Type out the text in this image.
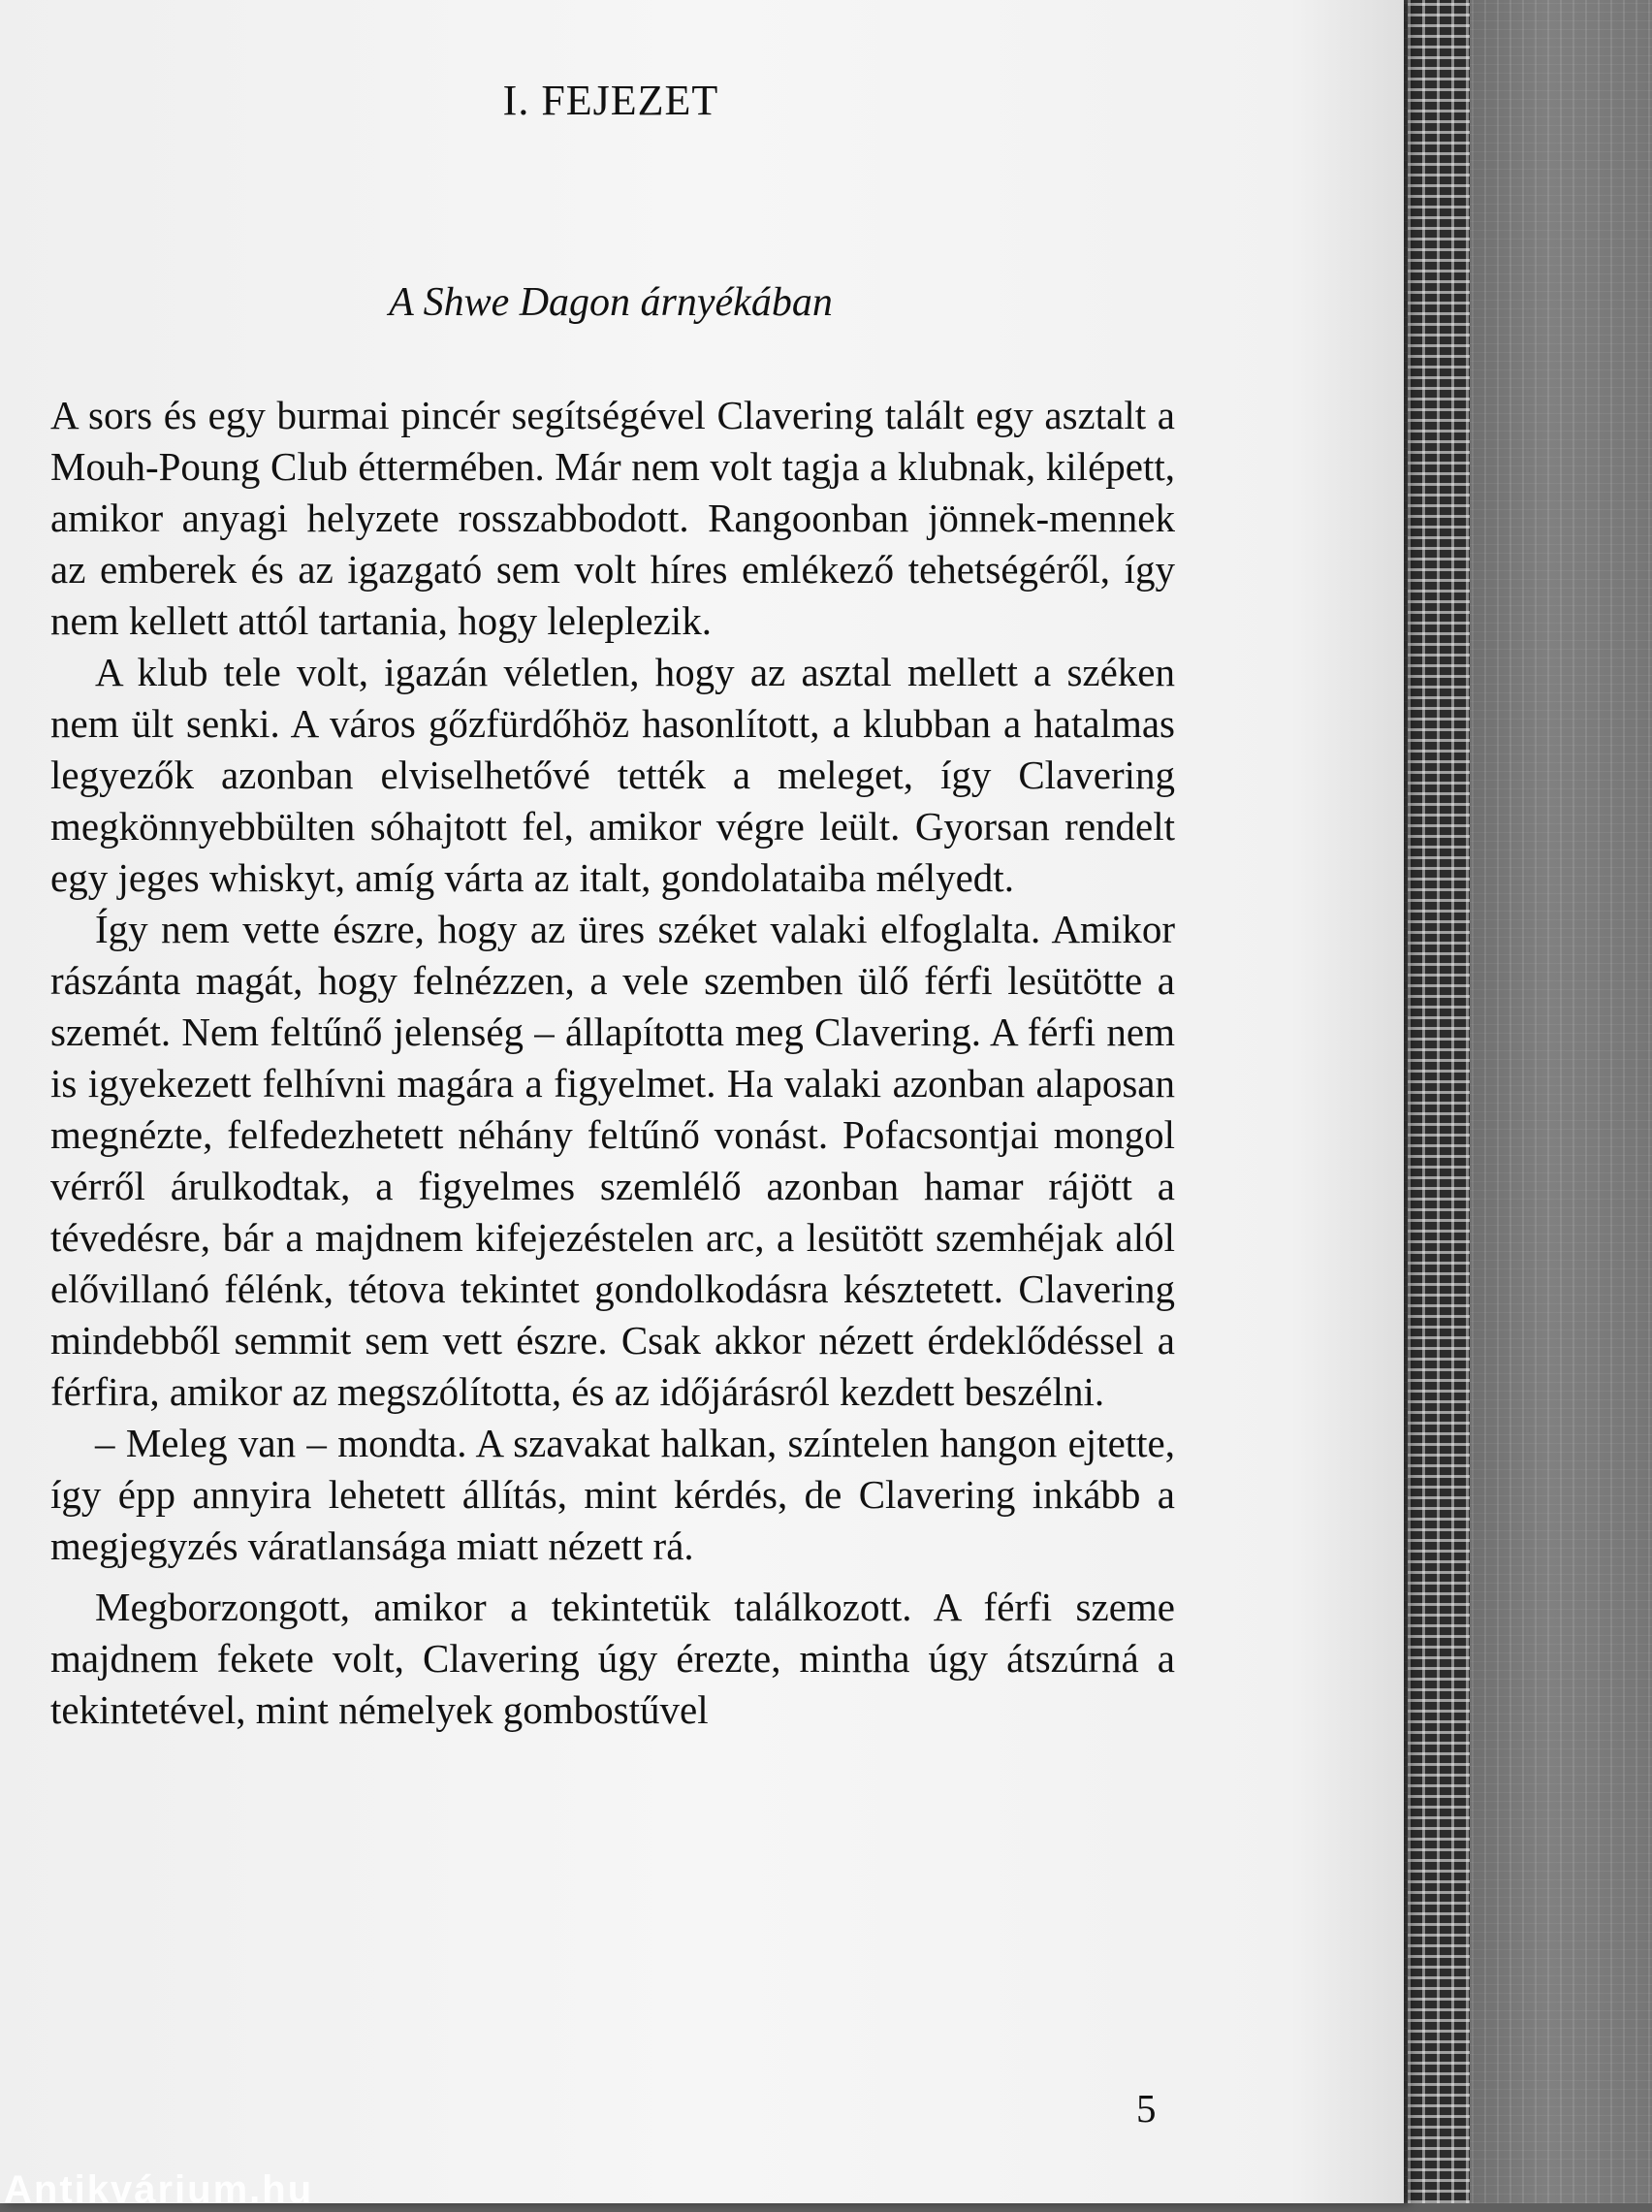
I. FEJEZET
A Shwe Dagon árnyékában

A sors és egy burmai pincér segítségével Clavering talált egy asztalt a Mouh-Poung Club éttermében. Már nem volt tagja a klubnak, kilépett, amikor anyagi helyzete rosszabbodott. Rangoonban jönnek-mennek az emberek és az igazgató sem volt híres emlékező tehetségéről, így nem kellett attól tartania, hogy leleplezik.

A klub tele volt, igazán véletlen, hogy az asztal mellett a széken nem ült senki. A város gőzfürdőhöz hasonlított, a klubban a hatalmas legyezők azonban elviselhetővé tették a meleget, így Clavering megkönnyebbülten sóhajtott fel, amikor végre leült. Gyorsan rendelt egy jeges whiskyt, amíg várta az italt, gondolataiba mélyedt.

Így nem vette észre, hogy az üres széket valaki elfoglalta. Amikor rászánta magát, hogy felnézzen, a vele szemben ülő férfi lesütötte a szemét. Nem feltűnő jelenség – állapította meg Clavering. A férfi nem is igyekezett felhívni magára a figyelmet. Ha valaki azonban alaposan megnézte, felfedezhetett néhány feltűnő vonást. Pofacsontjai mongol vérről árulkodtak, a figyelmes szemlélő azonban hamar rájött a tévedésre, bár a majdnem kifejezéstelen arc, a lesütött szemhéjak alól elővillanó félénk, tétova tekintet gondolkodásra késztetett. Clavering mindebből semmit sem vett észre. Csak akkor nézett érdeklődéssel a férfira, amikor az megszólította, és az időjárásról kezdett beszélni.

– Meleg van – mondta. A szavakat halkan, színtelen hangon ejtette, így épp annyira lehetett állítás, mint kérdés, de Clavering inkább a megjegyzés váratlansága miatt nézett rá.

Megborzongott, amikor a tekintetük találkozott. A férfi szeme majdnem fekete volt, Clavering úgy érezte, mintha úgy átszúrná a tekintetével, mint némelyek gombostűvel

5
Antikvárium.hu
